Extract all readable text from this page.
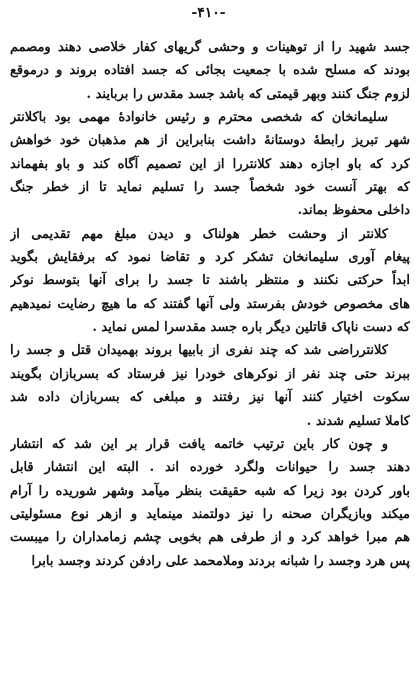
-۴۱۰-
جسد شهید را از توهینات و وحشی گریهای کفار خلاصی دهند ومصمم
بودند که مسلح شده با جمعیت بجائی که جسد افتاده بروند و درموقع
لزوم جنگ کنند وبهر قیمتی که باشد جسد مقدس را بربایند .
سلیمانخان که شخصی محترم و رئیس خانوادهٔ مهمی بود باکلانتر
شهر تبریز رابطهٔ دوستانهٔ داشت بنابراین از هم مذهبان خود خواهش
کرد که باو اجازه دهند کلانتررا از این تصمیم آگاه کند و باو بفهماند
که بهتر آنست خود شخصاً جسد را تسلیم نماید تا از خطر جنگ
داخلی محفوظ بماند.
کلانتر از وحشت خطر هولناک و دیدن مبلغ مهم تقدیمی از
پیغام آوری سلیمانخان تشکر کرد و تقاضا نمود که برفقایش بگوید
ابداً حرکتی نکنند و منتظر باشند تا جسد را برای آنها بتوسط نوکر
های مخصوص خودش بفرستد ولی آنها گفتند که ما هیچ رضایت نمیدهیم
که دست ناپاک قاتلین دیگر باره جسد مقدسرا لمس نماید .
کلانترراضی شد که چند نفری از بابیها بروند بهمیدان قتل و جسد را
ببرند حتی چند نفر از نوکرهای خودرا نیز فرستاد که بسربازان بگویند
سکوت اختیار کنند آنها نیز رفتند و مبلغی که بسربازان داده شد
کاملا تسلیم شدند .
و چون کار باین ترتیب خاتمه یافت قرار بر این شد که انتشار
دهند جسد را حیوانات ولگرد خورده اند . البته این انتشار قابل
باور کردن بود زیرا که شبه حقیقت بنظر میآمد وشهر شوریده را آرام
میکند وبازیگران صحنه را نیز دولتمند مینماید و ازهر نوع مسئولیتی
هم مبرا خواهد کرد و از طرفی هم بخوبی چشم زمامداران را میبست
پس هرد وجسد را شبانه بردند وملامحمد علی رادفن کردند وجسد بابرا
